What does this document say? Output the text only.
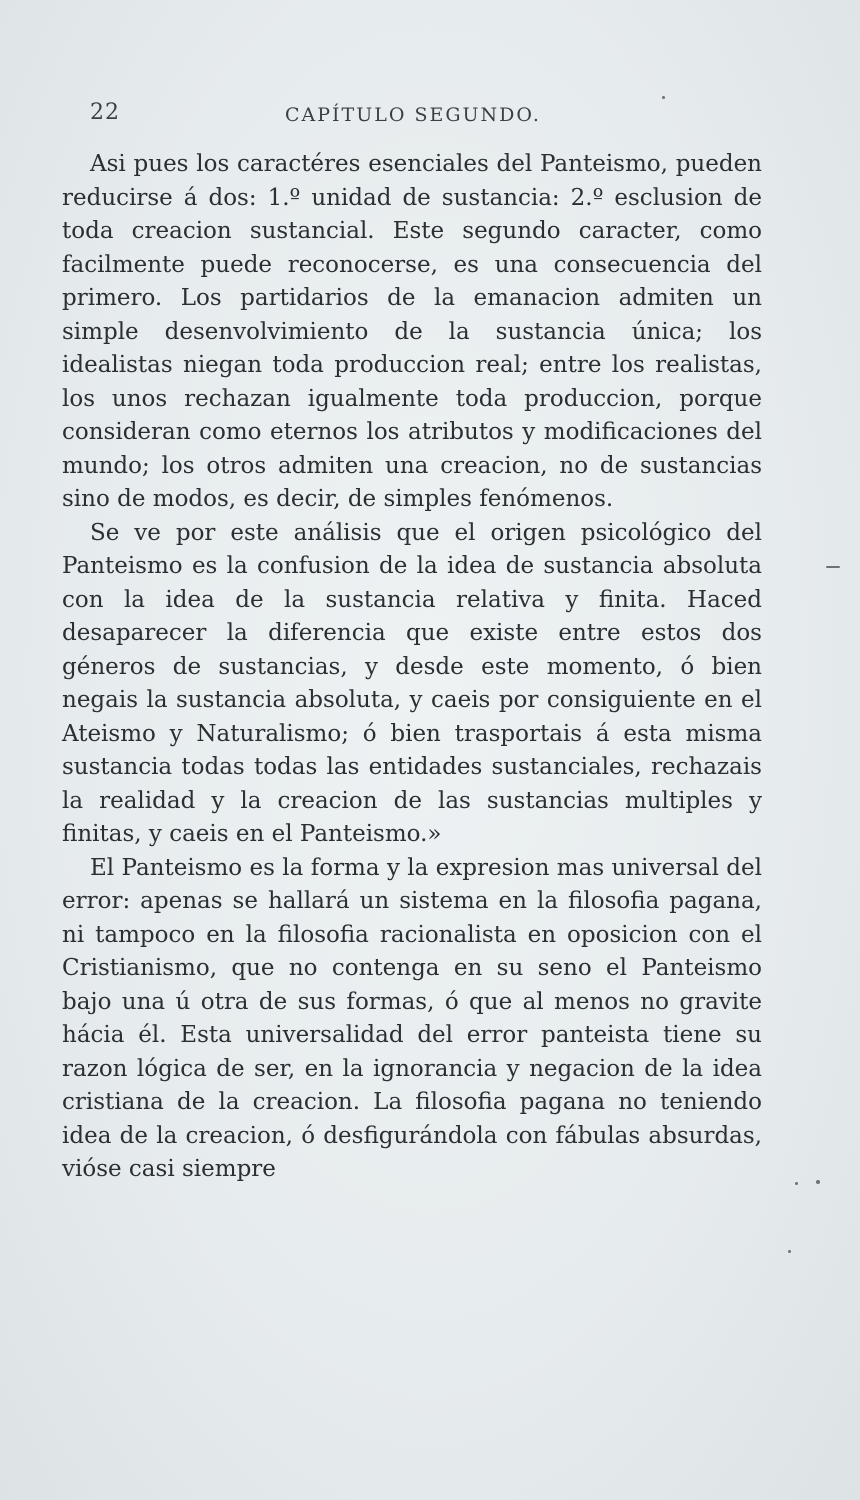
22	CAPÍTULO SEGUNDO.

Asi pues los caractéres esenciales del Panteismo, pueden reducirse á dos: 1.º unidad de sustancia: 2.º esclusion de toda creacion sustancial. Este segundo caracter, como facilmente puede reconocerse, es una consecuencia del primero. Los partidarios de la emanacion admiten un simple desenvolvimiento de la sustancia única; los idealistas niegan toda produccion real; entre los realistas, los unos rechazan igualmente toda produccion, porque consideran como eternos los atributos y modificaciones del mundo; los otros admiten una creacion, no de sustancias sino de modos, es decir, de simples fenómenos.

Se ve por este análisis que el origen psicológico del Panteismo es la confusion de la idea de sustancia absoluta con la idea de la sustancia relativa y finita. Haced desaparecer la diferencia que existe entre estos dos géneros de sustancias, y desde este momento, ó bien negais la sustancia absoluta, y caeis por consiguiente en el Ateismo y Naturalismo; ó bien trasportais á esta misma sustancia todas todas las entidades sustanciales, rechazais la realidad y la creacion de las sustancias multiples y finitas, y caeis en el Panteismo.»

El Panteismo es la forma y la expresion mas universal del error: apenas se hallará un sistema en la filosofia pagana, ni tampoco en la filosofia racionalista en oposicion con el Cristianismo, que no contenga en su seno el Panteismo bajo una ú otra de sus formas, ó que al menos no gravite hácia él. Esta universalidad del error panteista tiene su razon lógica de ser, en la ignorancia y negacion de la idea cristiana de la creacion. La filosofia pagana no teniendo idea de la creacion, ó desfigurándola con fábulas absurdas, vióse casi siempre
